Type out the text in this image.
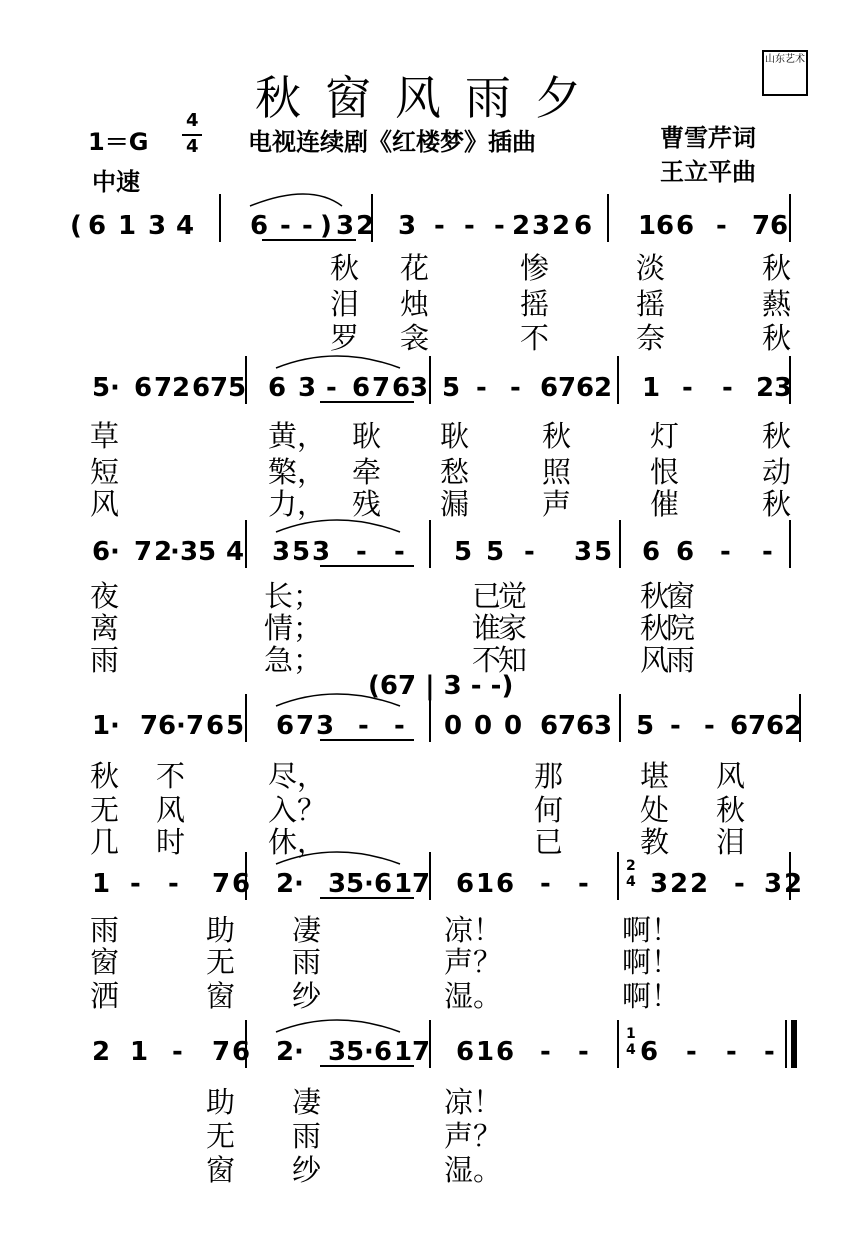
秋窗风雨夕
山东艺术
1＝G
4
4 电视连续剧《红楼梦》插曲	曹雪芹词
中速	王立平曲
( 6 1 3 4 6 - - ) 3 2 3 - - - 2 3 2 6 1 6 6 - 7 6
秋 花	惨	淡	秋
泪 烛	摇	摇	爇
罗 衾	不	奈	秋
5 · 6 7 2 6 7 5 6 3 - 6 7 6 3 5 - - 6 7 6 2 1 - - 2 3
草	黄， 耿 耿	秋	灯	秋
短	檠， 牵 愁	照	恨	动
风	力， 残 漏	声	催	秋
6 · 7 2
· 3 5 4 3 5 3 - - 5 5 - 3 5 6 6 - -
夜	长；	已
觉	秋
窗
离	情；	谁
家	秋
院
雨	急；	不
知	风
雨
1 · 7 6 · 7 6 5 6 7 3 - - 0 0 0 6 7 6 3 5 - - 6 7 6 2
秋 不	尽，	那	堪 风
无 风	入？	何	处 秋
几 时	休，	已	教 泪
1 - - 7 6 2 · 3 5 · 6 1 7 6 1 6 - - 3 2 2 - 3 2
雨	助 凄	凉！	啊！
窗	无 雨	声？	啊！
洒	窗 纱	湿。	啊！
2
4
2 1 - 7 6 2 · 3 5 · 6 1 7 6 1 6 - - 6 - - -
助 凄	凉！
无 雨	声？
窗 纱	湿。
1
4
(67 | 3 - -)
